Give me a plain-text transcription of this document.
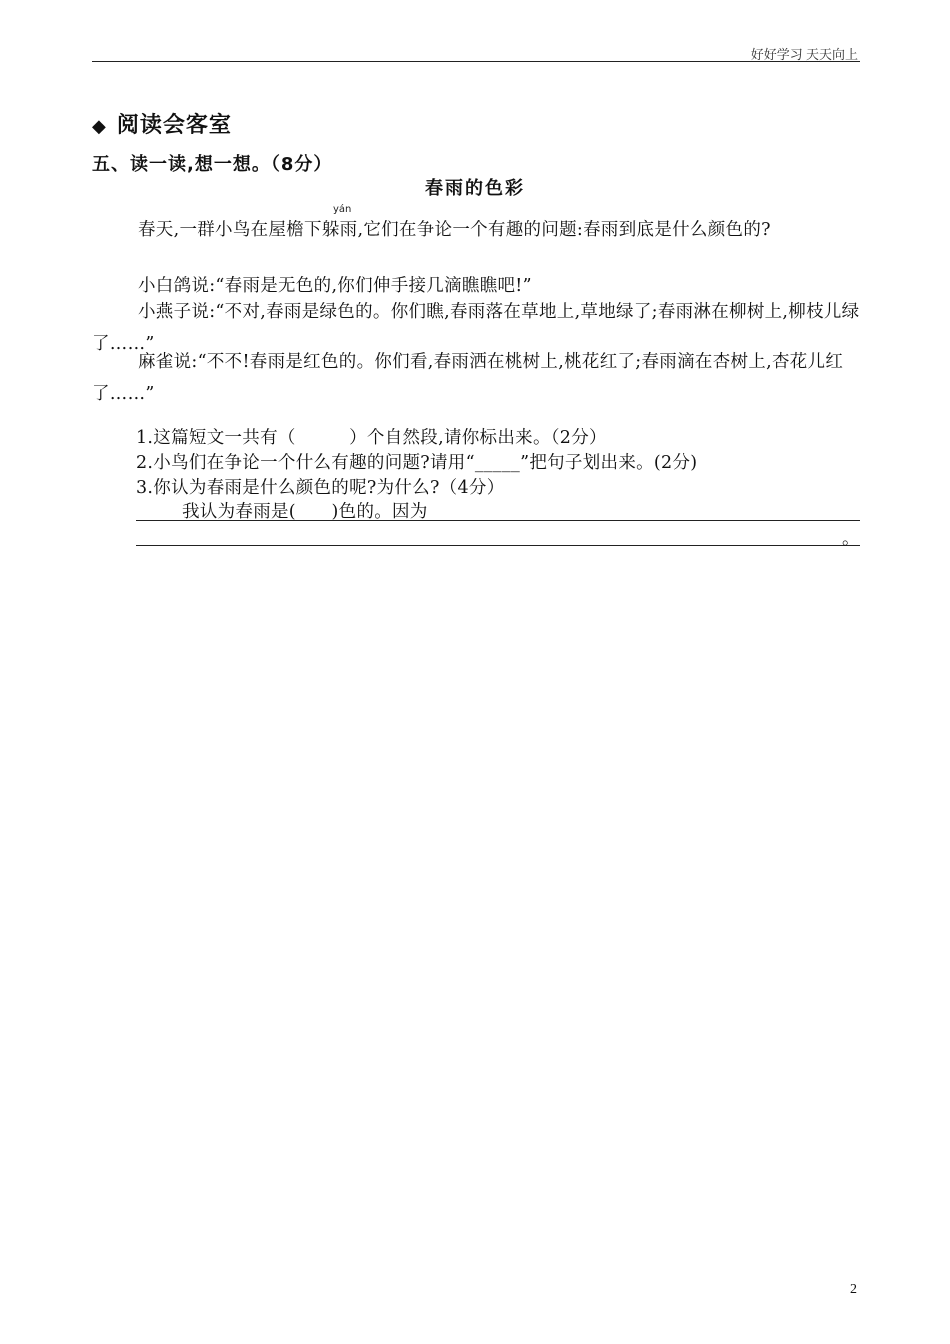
好好学习 天天向上
◆ 阅读会客室
五、读一读,想一想。（8分）
春雨的色彩
yán
春天,一群小鸟在屋檐下躲雨,它们在争论一个有趣的问题:春雨到底是什么颜色的?
小白鸽说:“春雨是无色的,你们伸手接几滴瞧瞧吧!”
小燕子说:“不对,春雨是绿色的。你们瞧,春雨落在草地上,草地绿了;春雨淋在柳树上,柳枝儿绿了……”
麻雀说:“不不!春雨是红色的。你们看,春雨洒在桃树上,桃花红了;春雨滴在杏树上,杏花儿红了……”
1.这篇短文一共有（　　　）个自然段,请你标出来。（2分）
2.小鸟们在争论一个什么有趣的问题?请用“_____”把句子划出来。(2分)
3.你认为春雨是什么颜色的呢?为什么?（4分）
我认为春雨是(　　)色的。因为
。
2
